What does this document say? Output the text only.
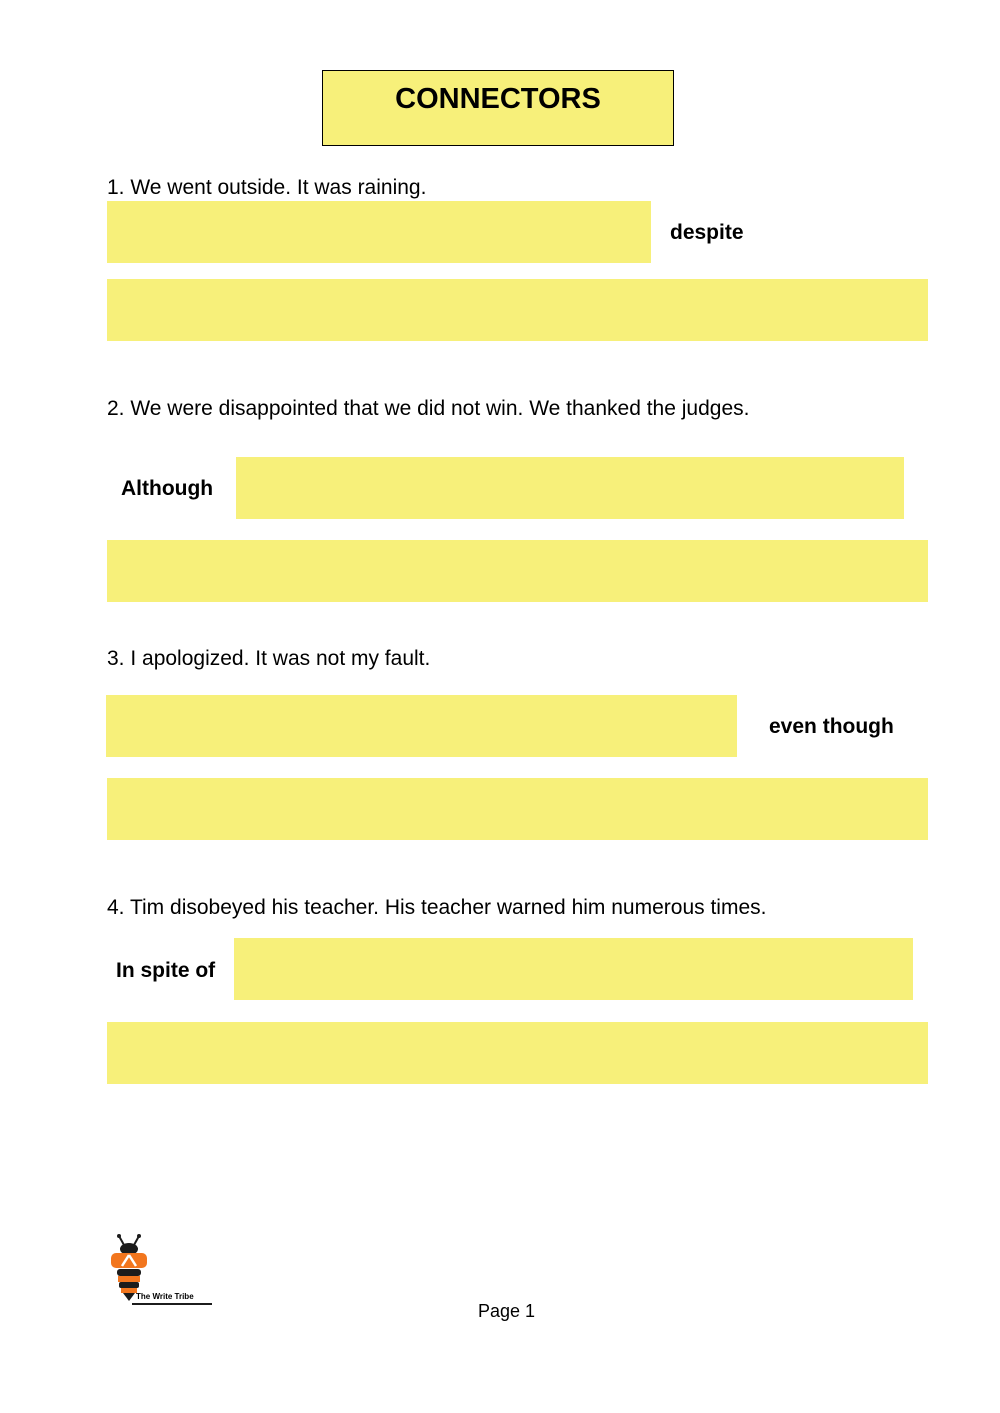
CONNECTORS
1. We went outside. It was raining.
despite
2. We were disappointed that we did not win. We thanked the judges.
Although
3. I apologized. It was not my fault.
even though
4. Tim disobeyed his teacher. His teacher warned him numerous times.
In spite of
The Write Tribe
Page 1
